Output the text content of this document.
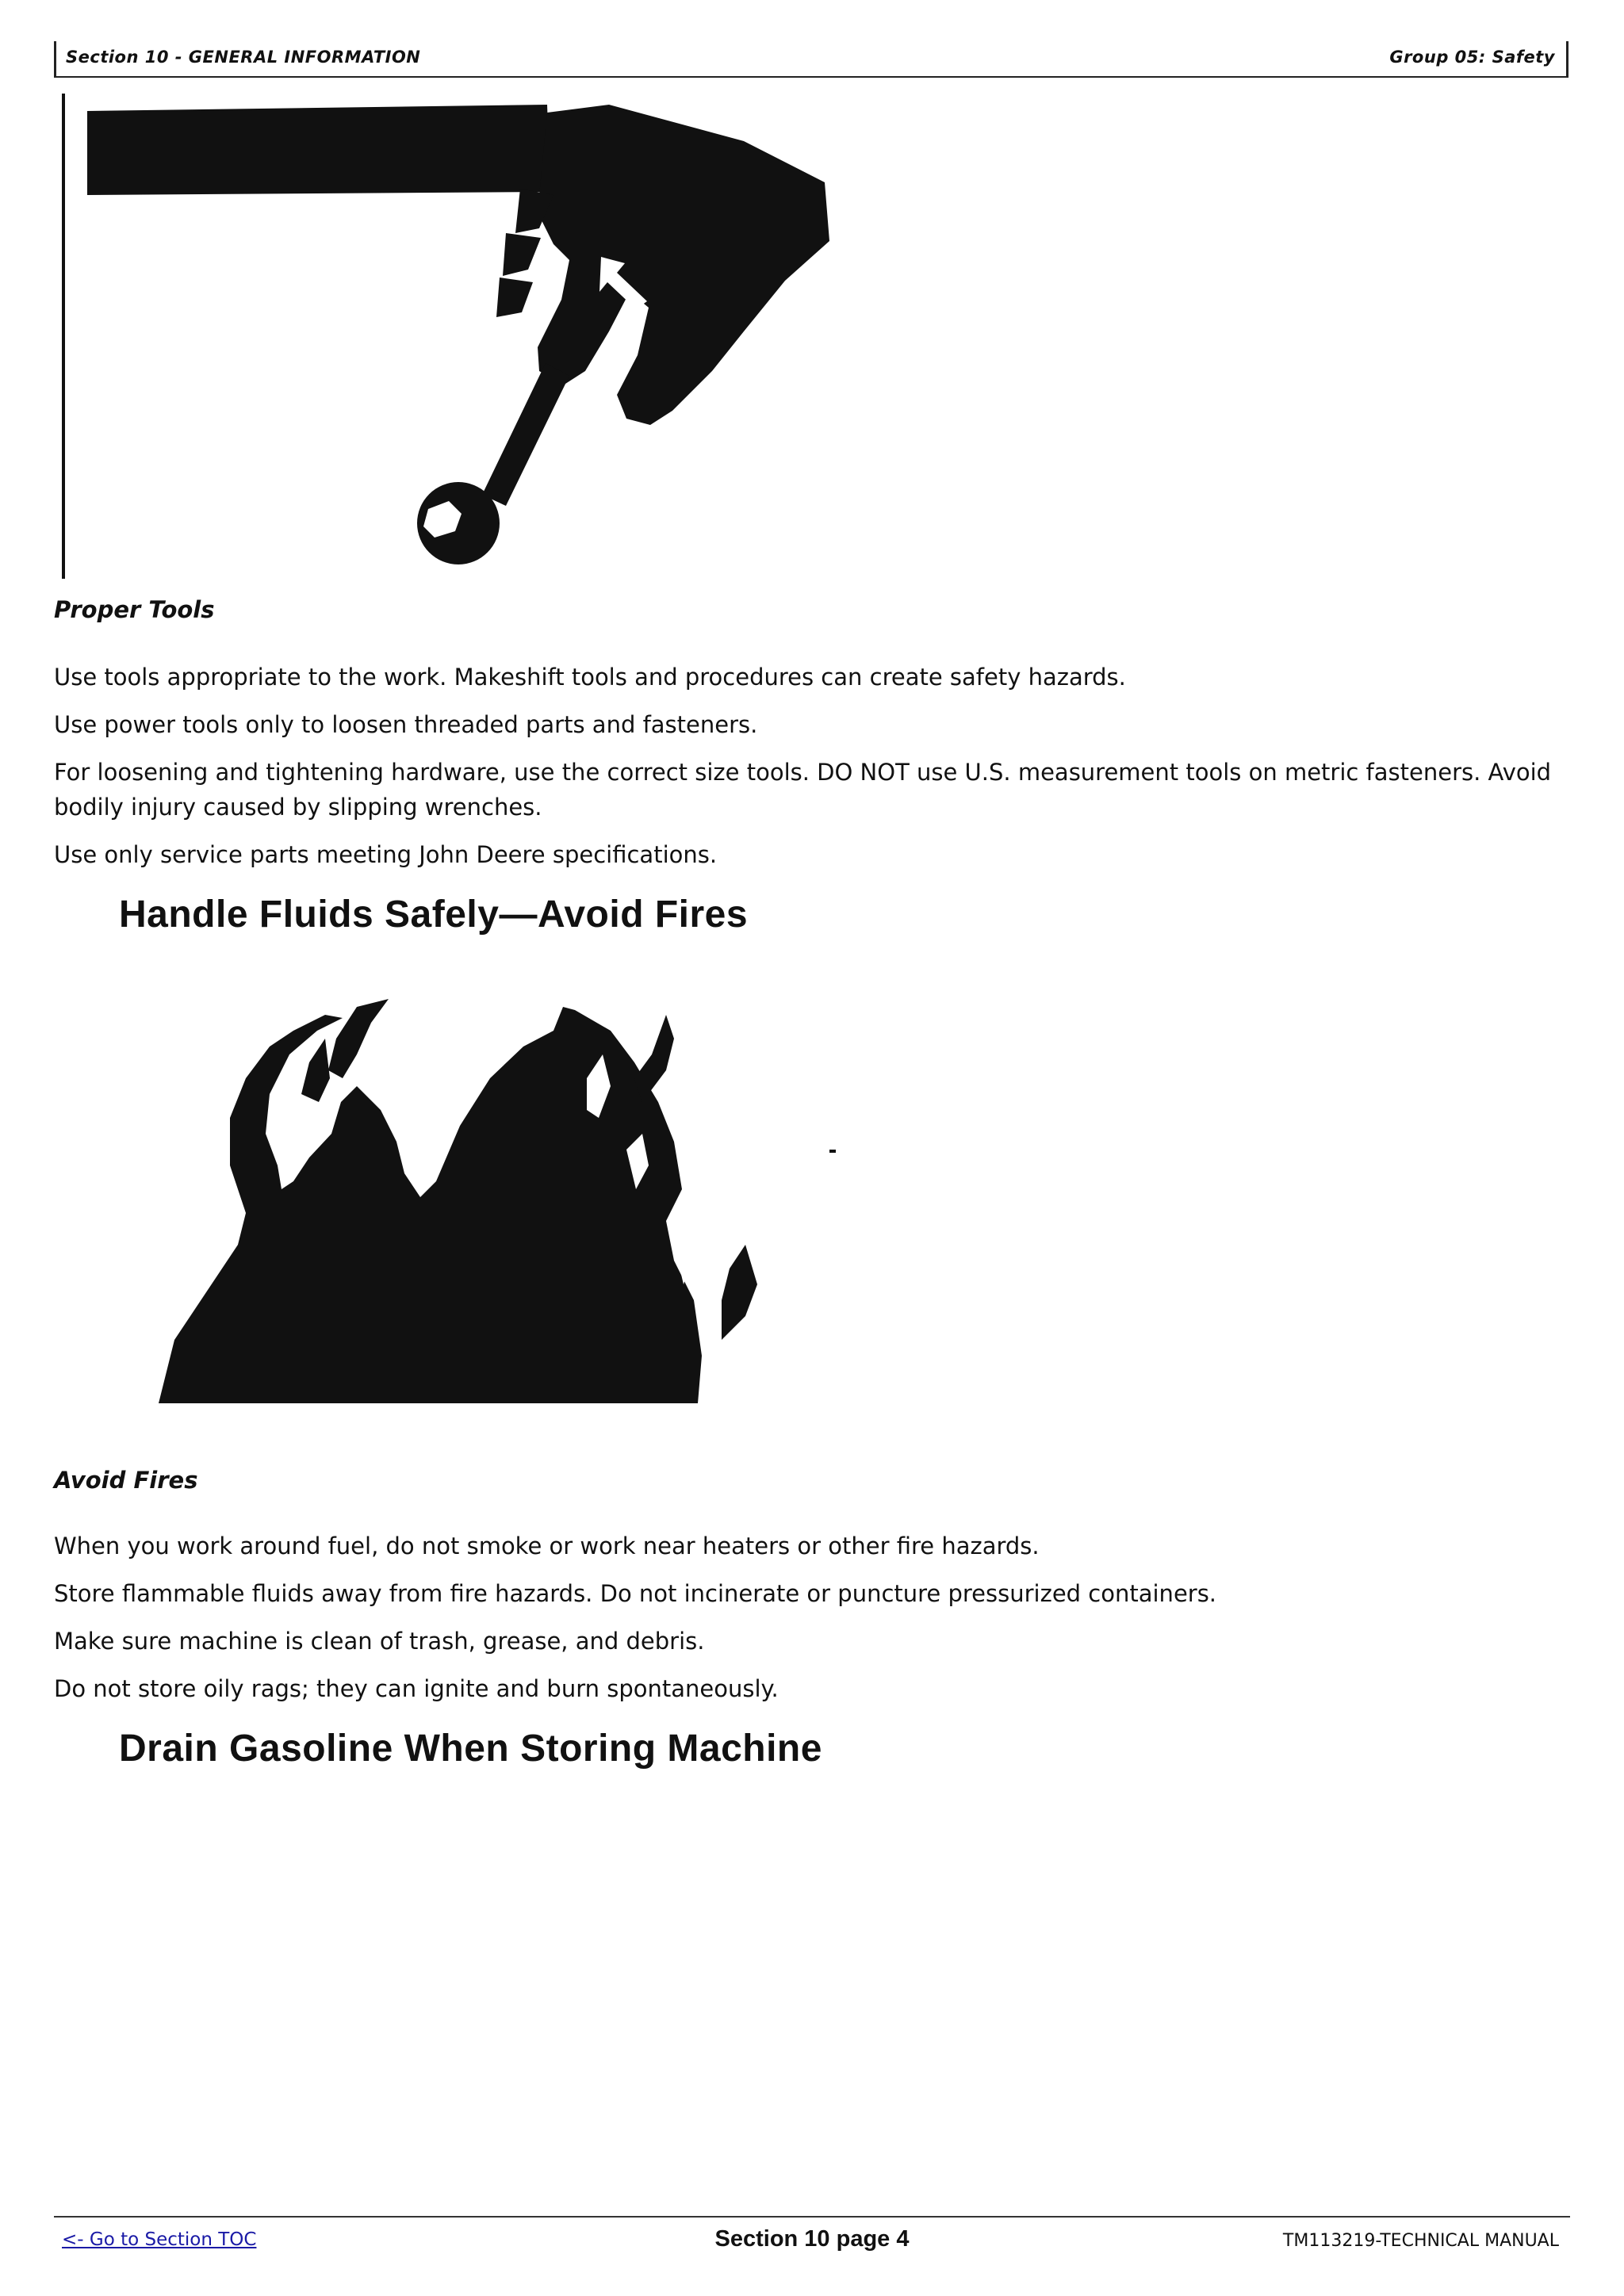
Section 10 - GENERAL INFORMATION	Group 05: Safety
Proper Tools

Use tools appropriate to the work. Makeshift tools and procedures can create safety hazards.

Use power tools only to loosen threaded parts and fasteners.

For loosening and tightening hardware, use the correct size tools. DO NOT use U.S. measurement tools on metric fasteners. Avoid bodily injury caused by slipping wrenches.

Use only service parts meeting John Deere specifications.

Handle Fluids Safely—Avoid Fires
Avoid Fires

When you work around fuel, do not smoke or work near heaters or other fire hazards.

Store flammable fluids away from fire hazards. Do not incinerate or puncture pressurized containers.

Make sure machine is clean of trash, grease, and debris.

Do not store oily rags; they can ignite and burn spontaneously.

Drain Gasoline When Storing Machine
<- Go to Section TOC	Section 10 page 4	TM113219-TECHNICAL MANUAL
